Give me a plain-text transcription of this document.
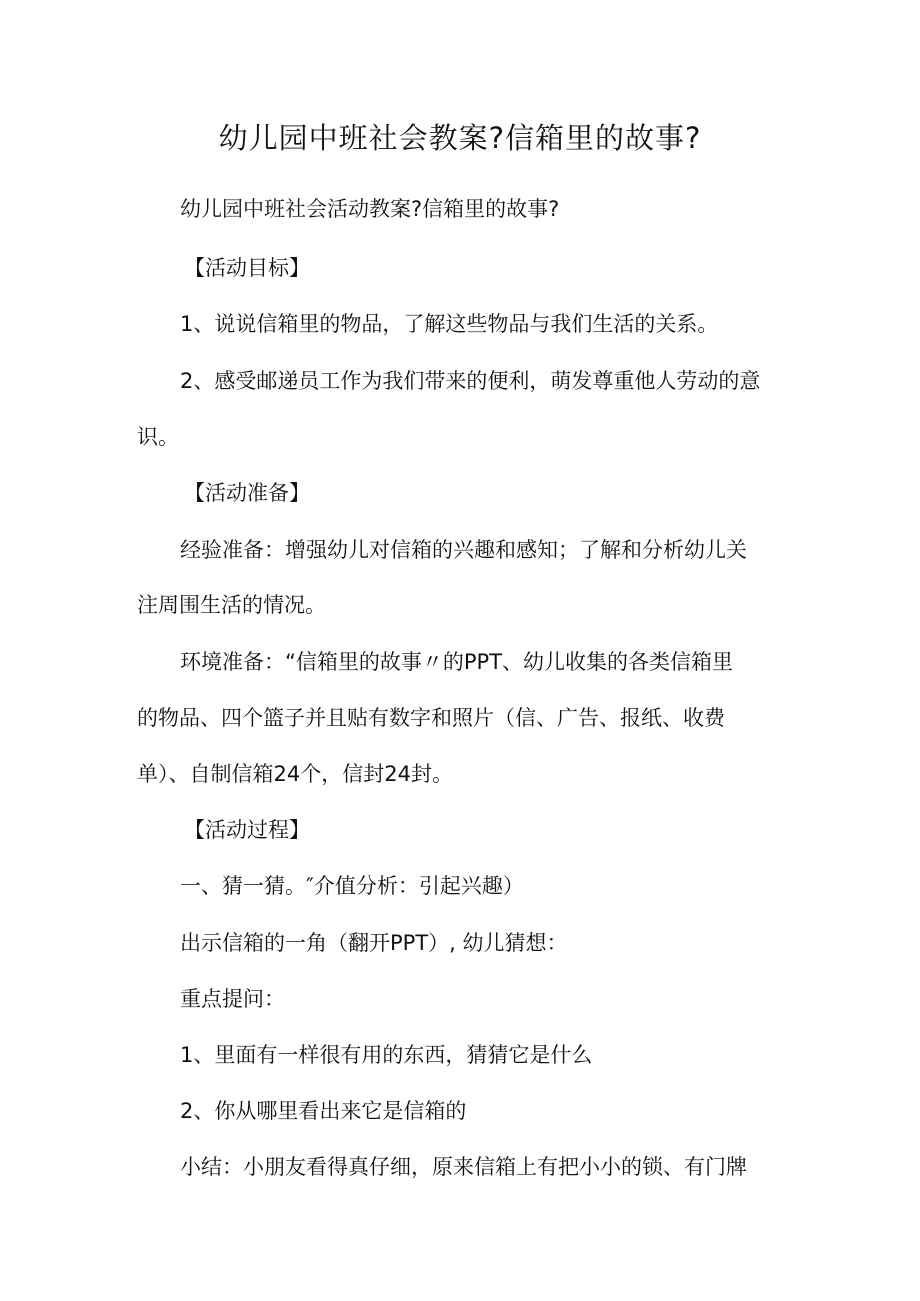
幼儿园中班社会教案?信箱里的故事?
幼儿园中班社会活动教案?信箱里的故事?
【活动目标】
1、说说信箱里的物品，了解这些物品与我们生活的关系。
2、感受邮递员工作为我们带来的便利，萌发尊重他人劳动的意
识。
【活动准备】
经验准备：增强幼儿对信箱的兴趣和感知；了解和分析幼儿关
注周围生活的情况。
环境准备：“信箱里的故事〃的PPT、幼儿收集的各类信箱里
的物品、四个篮子并且贴有数字和照片（信、广告、报纸、收费
单）、自制信箱24个，信封24封。
【活动过程】
一、猜一猜。″介值分析：引起兴趣）
出示信箱的一角（翻开PPT）, 幼儿猜想：
重点提问：
1、里面有一样很有用的东西，猜猜它是什么
2、你从哪里看出来它是信箱的
小结：小朋友看得真仔细，原来信箱上有把小小的锁、有门牌
